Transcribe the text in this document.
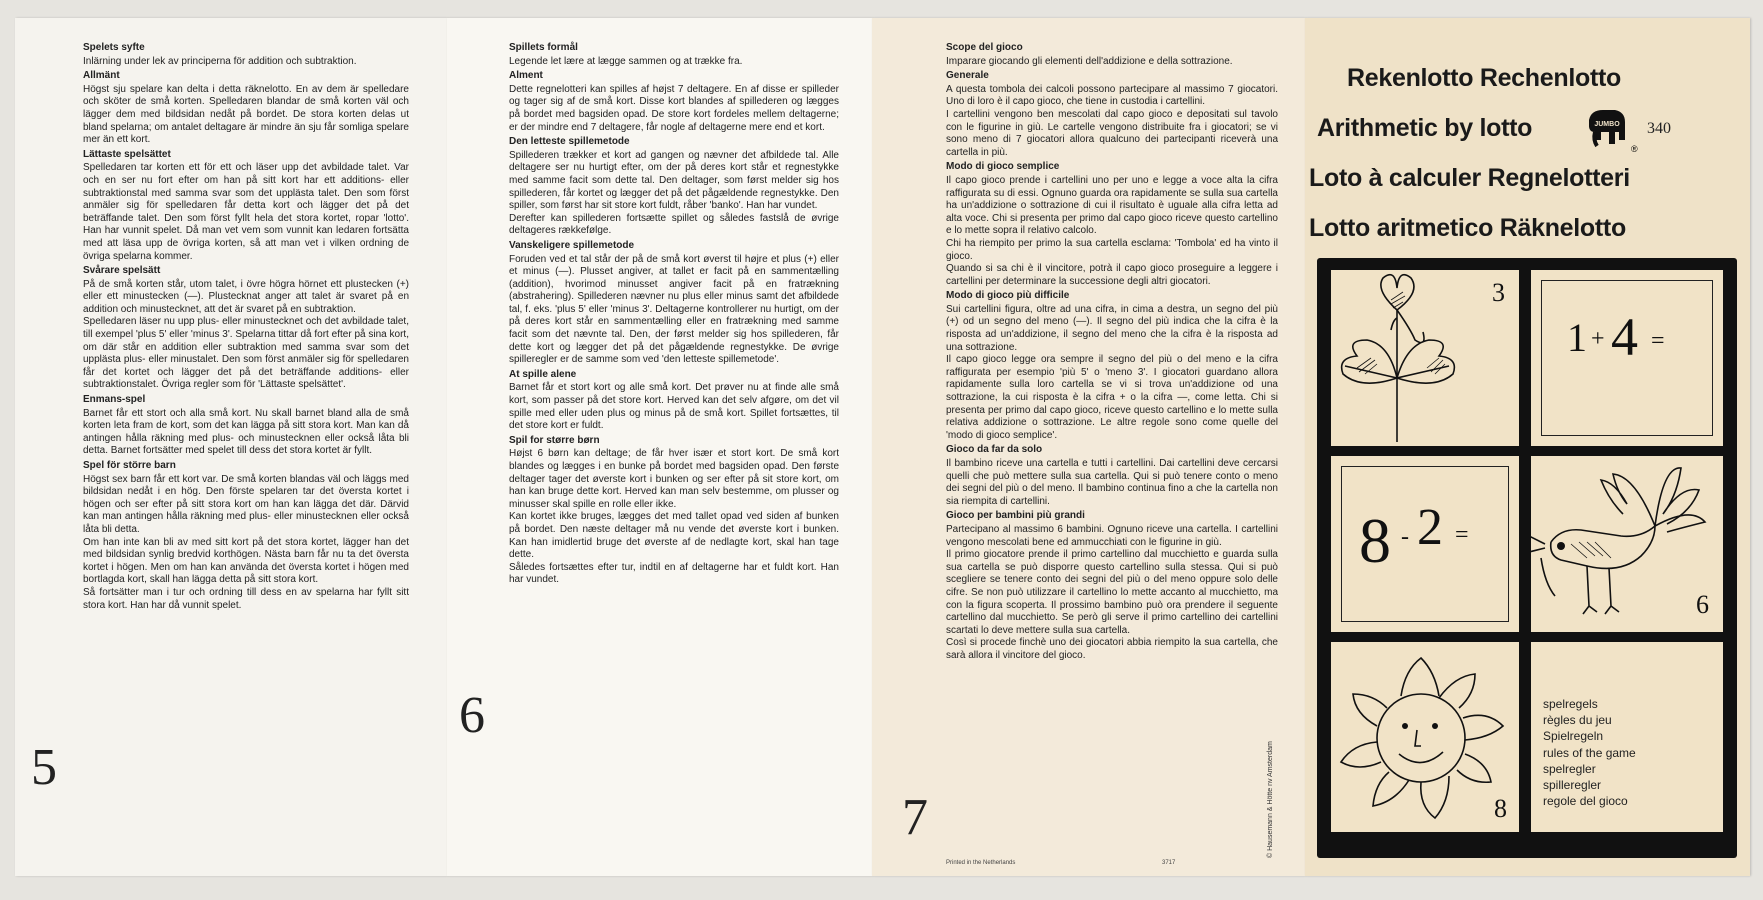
Spelets syfte

Inlärning under lek av principerna för addition och subtraktion.

Allmänt

Högst sju spelare kan delta i detta räknelotto. En av dem är spelledare och sköter de små korten. Spelledaren blandar de små korten väl och lägger dem med bildsidan nedåt på bordet. De stora korten delas ut bland spelarna; om antalet deltagare är mindre än sju får somliga spelare mer än ett kort.

Lättaste spelsättet

Spelledaren tar korten ett för ett och läser upp det avbildade talet. Var och en ser nu fort efter om han på sitt kort har ett additions- eller subtraktionstal med samma svar som det upplästa talet. Den som först anmäler sig för spelledaren får detta kort och lägger det på det beträffande talet. Den som först fyllt hela det stora kortet, ropar 'lotto'. Han har vunnit spelet. Då man vet vem som vunnit kan ledaren fortsätta med att läsa upp de övriga korten, så att man vet i vilken ordning de övriga spelarna kommer.

Svårare spelsätt

På de små korten står, utom talet, i övre högra hörnet ett plustecken (+) eller ett minustecken (—). Plustecknat anger att talet är svaret på en addition och minustecknet, att det är svaret på en subtraktion.

Spelledaren läser nu upp plus- eller minustecknet och det avbildade talet, till exempel 'plus 5' eller 'minus 3'. Spelarna tittar då fort efter på sina kort, om där står en addition eller subtraktion med samma svar som det upplästa plus- eller minustalet. Den som först anmäler sig för spelledaren får det kortet och lägger det på det beträffande additions- eller subtraktionstalet. Övriga regler som för 'Lättaste spelsättet'.

Enmans-spel

Barnet får ett stort och alla små kort. Nu skall barnet bland alla de små korten leta fram de kort, som det kan lägga på sitt stora kort. Man kan då antingen hålla räkning med plus- och minustecknen eller också låta bli detta. Barnet fortsätter med spelet till dess det stora kortet är fyllt.

Spel för större barn

Högst sex barn får ett kort var. De små korten blandas väl och läggs med bildsidan nedåt i en hög. Den förste spelaren tar det översta kortet i högen och ser efter på sitt stora kort om han kan lägga det där. Därvid kan man antingen hålla räkning med plus- eller minustecknen eller också låta bli detta.

Om han inte kan bli av med sitt kort på det stora kortet, lägger han det med bildsidan synlig bredvid korthögen. Nästa barn får nu ta det översta kortet i högen. Men om han kan använda det översta kortet i högen med bortlagda kort, skall han lägga detta på sitt stora kort.

Så fortsätter man i tur och ordning till dess en av spelarna har fyllt sitt stora kort. Han har då vunnit spelet.

5
Spillets formål

Legende let lære at lægge sammen og at trække fra.

Alment

Dette regnelotteri kan spilles af højst 7 deltagere. En af disse er spilleder og tager sig af de små kort. Disse kort blandes af spillederen og lægges på bordet med bagsiden opad. De store kort fordeles mellem deltagerne; er der mindre end 7 deltagere, får nogle af deltagerne mere end et kort.

Den letteste spillemetode

Spillederen trækker et kort ad gangen og nævner det afbildede tal. Alle deltagere ser nu hurtigt efter, om der på deres kort står et regnestykke med samme facit som dette tal. Den deltager, som først melder sig hos spillederen, får kortet og lægger det på det pågældende regnestykke. Den spiller, som først har sit store kort fuldt, råber 'banko'. Han har vundet.

Derefter kan spillederen fortsætte spillet og således fastslå de øvrige deltageres rækkefølge.

Vanskeligere spillemetode

Foruden ved et tal står der på de små kort øverst til højre et plus (+) eller et minus (—). Plusset angiver, at tallet er facit på en sammentælling (addition), hvorimod minusset angiver facit på en fratrækning (abstrahering). Spillederen nævner nu plus eller minus samt det afbildede tal, f. eks. 'plus 5' eller 'minus 3'. Deltagerne kontrollerer nu hurtigt, om der på deres kort står en sammentælling eller en fratrækning med samme facit som det nævnte tal. Den, der først melder sig hos spillederen, får dette kort og lægger det på det pågældende regnestykke. De øvrige spilleregler er de samme som ved 'den letteste spillemetode'.

At spille alene

Barnet får et stort kort og alle små kort. Det prøver nu at finde alle små kort, som passer på det store kort. Herved kan det selv afgøre, om det vil spille med eller uden plus og minus på de små kort. Spillet fortsættes, til det store kort er fuldt.

Spil for større børn

Højst 6 børn kan deltage; de får hver især et stort kort. De små kort blandes og lægges i en bunke på bordet med bagsiden opad. Den første deltager tager det øverste kort i bunken og ser efter på sit store kort, om han kan bruge dette kort. Herved kan man selv bestemme, om plusser og minusser skal spille en rolle eller ikke.

Kan kortet ikke bruges, lægges det med tallet opad ved siden af bunken på bordet. Den næste deltager må nu vende det øverste kort i bunken. Kan han imidlertid bruge det øverste af de nedlagte kort, skal han tage dette.

Således fortsættes efter tur, indtil en af deltagerne har et fuldt kort. Han har vundet.

6
Scope del gioco

Imparare giocando gli elementi dell'addizione e della sottrazione.

Generale

A questa tombola dei calcoli possono partecipare al massimo 7 giocatori. Uno di loro è il capo gioco, che tiene in custodia i cartellini.

I cartellini vengono ben mescolati dal capo gioco e depositati sul tavolo con le figurine in giù. Le cartelle vengono distribuite fra i giocatori; se vi sono meno di 7 giocatori allora qualcuno dei partecipanti riceverà una cartella in più.

Modo di gioco semplice

Il capo gioco prende i cartellini uno per uno e legge a voce alta la cifra raffigurata su di essi. Ognuno guarda ora rapidamente se sulla sua cartella ha un'addizione o sottrazione di cui il risultato è uguale alla cifra letta ad alta voce. Chi si presenta per primo dal capo gioco riceve questo cartellino e lo mette sopra il relativo calcolo.

Chi ha riempito per primo la sua cartella esclama: 'Tombola' ed ha vinto il gioco.

Quando si sa chi è il vincitore, potrà il capo gioco proseguire a leggere i cartellini per determinare la successione degli altri giocatori.

Modo di gioco più difficile

Sui cartellini figura, oltre ad una cifra, in cima a destra, un segno del più (+) od un segno del meno (—). Il segno del più indica che la cifra è la risposta ad un'addizione, il segno del meno che la cifra è la risposta ad una sottrazione.

Il capo gioco legge ora sempre il segno del più o del meno e la cifra raffigurata per esempio 'più 5' o 'meno 3'. I giocatori guardano allora rapidamente sulla loro cartella se vi si trova un'addizione od una sottrazione, la cui risposta è la cifra + o la cifra —, come letta. Chi si presenta per primo dal capo gioco, riceve questo cartellino e lo mette sulla relativa addizione o sottrazione. Le altre regole sono come quelle del 'modo di gioco semplice'.

Gioco da far da solo

Il bambino riceve una cartella e tutti i cartellini. Dai cartellini deve cercarsi quelli che può mettere sulla sua cartella. Qui si può tenere conto o meno dei segni del più o del meno. Il bambino continua fino a che la cartella non sia riempita di cartellini.

Gioco per bambini più grandi

Partecipano al massimo 6 bambini. Ognuno riceve una cartella. I cartellini vengono mescolati bene ed ammucchiati con le figurine in giù.

Il primo giocatore prende il primo cartellino dal mucchietto e guarda sulla sua cartella se può disporre questo cartellino sulla stessa. Qui si può scegliere se tenere conto dei segni del più o del meno oppure solo delle cifre. Se non può utilizzare il cartellino lo mette accanto al mucchietto, ma con la figura scoperta. Il prossimo bambino può ora prendere il seguente cartellino dal mucchietto. Se però gli serve il primo cartellino dei cartellini scartati lo deve mettere sulla sua cartella.

Così si procede finchè uno dei giocatori abbia riempito la sua cartella, che sarà allora il vincitore del gioco.

7
Printed in the Netherlands	3717
© Hausemann & Hötte nv Amsterdam
Rekenlotto Rechenlotto
Arithmetic by lotto
Loto à calculer Regnelotteri
Lotto aritmetico Räknelotto
JUMBO
®
340
3
1 + 4 =
8 - 2 =
6
8
spelregels
règles du jeu
Spielregeln
rules of the game
spelregler
spilleregler
regole del gioco
